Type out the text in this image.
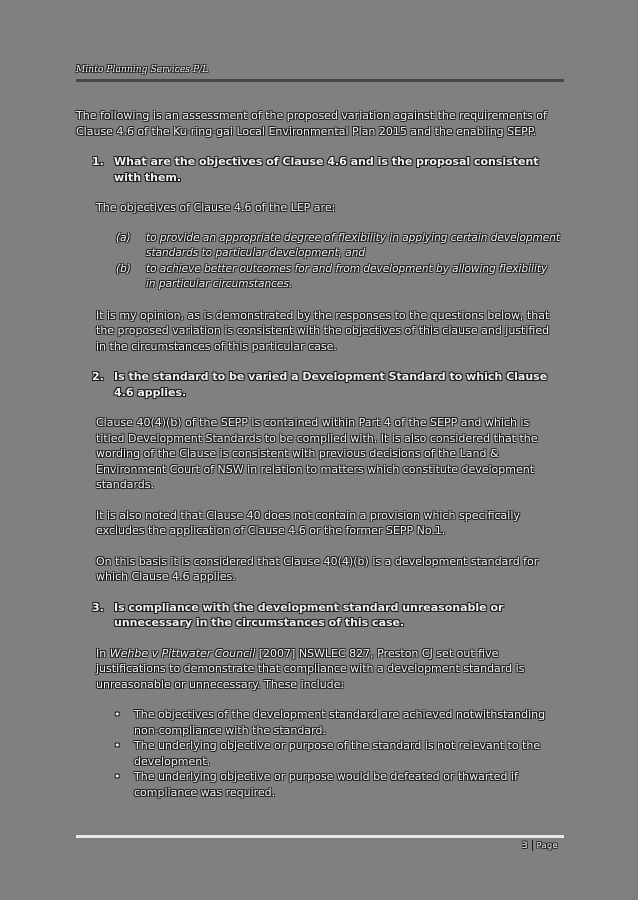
Minto Planning Services P/L

The following is an assessment of the proposed variation against the requirements of Clause 4.6 of the Ku-ring-gai Local Environmental Plan 2015 and the enabling SEPP.

1. What are the objectives of Clause 4.6 and is the proposal consistent with them.

The objectives of Clause 4.6 of the LEP are:

(a)	to provide an appropriate degree of flexibility in applying certain development standards to particular development, and
(b)	to achieve better outcomes for and from development by allowing flexibility in particular circumstances.

It is my opinion, as is demonstrated by the responses to the questions below, that the proposed variation is consistent with the objectives of this clause and justified in the circumstances of this particular case.

2. Is the standard to be varied a Development Standard to which Clause 4.6 applies.

Clause 40(4)(b) of the SEPP is contained within Part 4 of the SEPP and which is titled Development Standards to be complied with. It is also considered that the wording of the Clause is consistent with previous decisions of the Land & Environment Court of NSW in relation to matters which constitute development standards.

It is also noted that Clause 40 does not contain a provision which specifically excludes the application of Clause 4.6 or the former SEPP No.1.

On this basis it is considered that Clause 40(4)(b) is a development standard for which Clause 4.6 applies.

3. Is compliance with the development standard unreasonable or unnecessary in the circumstances of this case.

In Wehbe v Pittwater Council [2007] NSWLEC 827, Preston CJ set out five justifications to demonstrate that compliance with a development standard is unreasonable or unnecessary. These include:

•	The objectives of the development standard are achieved notwithstanding non-compliance with the standard.
•	The underlying objective or purpose of the standard is not relevant to the development.
•	The underlying objective or purpose would be defeated or thwarted if compliance was required.
3 Page
